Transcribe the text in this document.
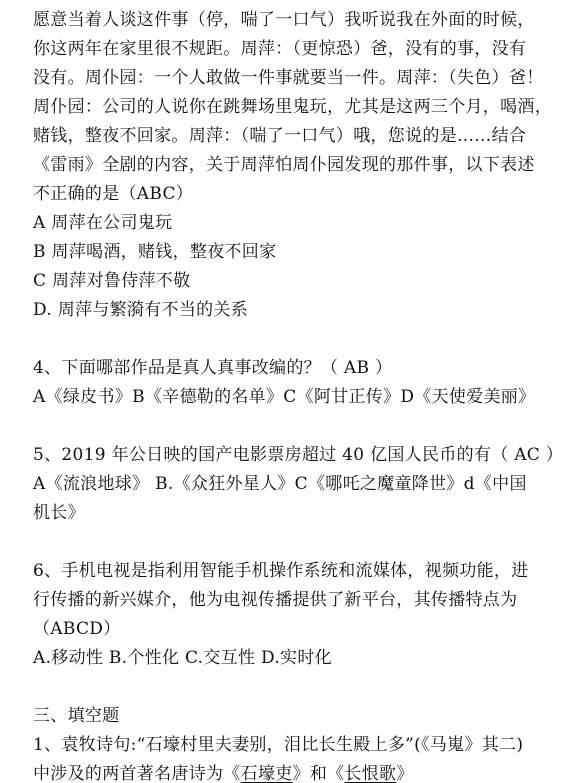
愿意当着人谈这件事（停，喘了一口气）我听说我在外面的时候，
你这两年在家里很不规距。周萍：（更惊恐）爸，没有的事，没有
没有。周仆园：一个人敢做一件事就要当一件。周萍：（失色）爸！
周仆园：公司的人说你在跳舞场里鬼玩，尤其是这两三个月，喝酒，
赌钱，整夜不回家。周萍：（喘了一口气）哦，您说的是……结合
《雷雨》全剧的内容，关于周萍怕周仆园发现的那件事，以下表述
不正确的是（ABC）
A 周萍在公司鬼玩
B 周萍喝酒，赌钱，整夜不回家
C 周萍对鲁侍萍不敬
D. 周萍与繁漪有不当的关系
4、下面哪部作品是真人真事改编的？（ AB ）
A《绿皮书》B《辛德勒的名单》C《阿甘正传》D《天使爱美丽》
5、2019 年公日映的国产电影票房超过 40 亿国人民币的有（ AC ）
A《流浪地球》 B.《众狂外星人》C《哪吒之魔童降世》d《中国
机长》
6、手机电视是指利用智能手机操作系统和流媒体，视频功能，进
行传播的新兴媒介，他为电视传播提供了新平台，其传播特点为
（ABCD）
A.移动性 B.个性化 C.交互性 D.实时化
三、填空题
1、袁牧诗句:“石壕村里夫妻别，泪比长生殿上多”(《马嵬》其二)
中涉及的两首著名唐诗为《石壕吏》和《长恨歌》
